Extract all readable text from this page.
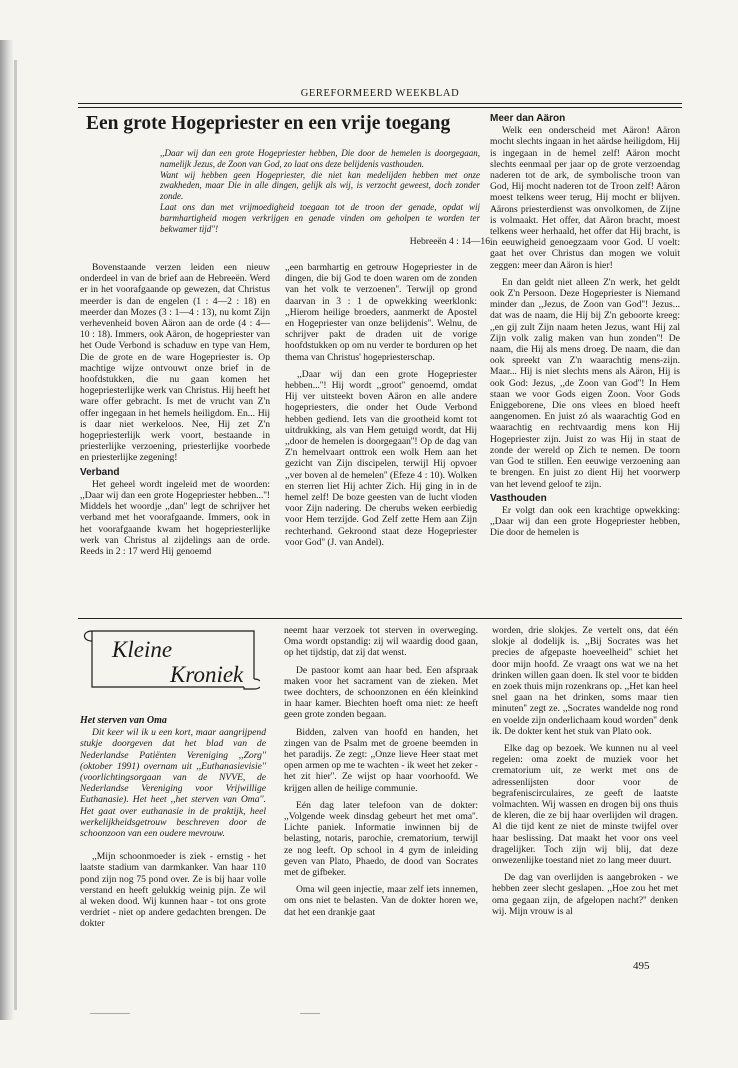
GEREFORMEERD WEEKBLAD
Een grote Hogepriester en een vrije toegang

,,Daar wij dan een grote Hogepriester hebben, Die door de hemelen is doorgegaan, namelijk Jezus, de Zoon van God, zo laat ons deze belijdenis vasthouden.

Want wij hebben geen Hogepriester, die niet kan medelijden hebben met onze zwakheden, maar Die in alle dingen, gelijk als wij, is verzocht geweest, doch zonder zonde.

Laat ons dan met vrijmoedigheid toegaan tot de troon der genade, opdat wij barmhartigheid mogen verkrijgen en genade vinden om geholpen te worden ter bekwamer tijd''!

Hebreeën 4 : 14—16

Bovenstaande verzen leiden een nieuw onderdeel in van de brief aan de Hebreeën. Werd er in het voorafgaande op gewezen, dat Christus meerder is dan de engelen (1 : 4—2 : 18) en meerder dan Mozes (3 : 1—4 : 13), nu komt Zijn verhevenheid boven Aäron aan de orde (4 : 4—10 : 18). Immers, ook Aäron, de hogepriester van het Oude Verbond is schaduw en type van Hem, Die de grote en de ware Hogepriester is. Op machtige wijze ontvouwt onze brief in de hoofdstukken, die nu gaan komen het hogepriesterlijke werk van Christus. Hij heeft het ware offer gebracht. Is met de vrucht van Z'n offer ingegaan in het hemels heiligdom. En... Hij is daar niet werkeloos. Nee, Hij zet Z'n hogepriesterlijk werk voort, bestaande in priesterlijke verzoening, priesterlijke voorbede en priesterlijke zegening!

Verband

Het geheel wordt ingeleid met de woorden: ,,Daar wij dan een grote Hogepriester hebben...''! Middels het woordje ,,dan'' legt de schrijver het verband met het voorafgaande. Immers, ook in het voorafgaande kwam het hogepriesterlijke werk van Christus al zijdelings aan de orde. Reeds in 2 : 17 werd Hij genoemd

,,een barmhartig en getrouw Hogepriester in de dingen, die bij God te doen waren om de zonden van het volk te verzoenen''. Terwijl op grond daarvan in 3 : 1 de opwekking weerklonk: ,,Hierom heilige broeders, aanmerkt de Apostel en Hogepriester van onze belijdenis''. Welnu, de schrijver pakt de draden uit de vorige hoofdstukken op om nu verder te borduren op het thema van Christus' hogepriesterschap.

,,Daar wij dan een grote Hogepriester hebben...''! Hij wordt ,,groot'' genoemd, omdat Hij ver uitsteekt boven Aäron en alle andere hogepriesters, die onder het Oude Verbond hebben gediend. Iets van die grootheid komt tot uitdrukking, als van Hem getuigd wordt, dat Hij ,,door de hemelen is doorgegaan''! Op de dag van Z'n hemelvaart onttrok een wolk Hem aan het gezicht van Zijn discipelen, terwijl Hij opvoer ,,ver boven al de hemelen'' (Efeze 4 : 10). Wolken en sterren liet Hij achter Zich. Hij ging in in de hemel zelf! De boze geesten van de lucht vloden voor Zijn nadering. De cherubs weken eerbiedig voor Hem terzijde. God Zelf zette Hem aan Zijn rechterhand. Gekroond staat deze Hogepriester voor God'' (J. van Andel).

Meer dan Aäron

Welk een onderscheid met Aäron! Aäron mocht slechts ingaan in het aärdse heiligdom, Hij is ingegaan in de hemel zelf! Aäron mocht slechts eenmaal per jaar op de grote verzoendag naderen tot de ark, de symbolische troon van God, Hij mocht naderen tot de Troon zelf! Aäron moest telkens weer terug, Hij mocht er blijven. Aärons priesterdienst was onvolkomen, de Zijne is volmaakt. Het offer, dat Aäron bracht, moest telkens weer herhaald, het offer dat Hij bracht, is in eeuwigheid genoegzaam voor God. U voelt: gaat het over Christus dan mogen we voluit zeggen: meer dan Aäron is hier!

En dan geldt niet alleen Z'n werk, het geldt ook Z'n Persoon. Deze Hogepriester is Niemand minder dan ,,Jezus, de Zoon van God''! Jezus... dat was de naam, die Hij bij Z'n geboorte kreeg: ,,en gij zult Zijn naam heten Jezus, want Hij zal Zijn volk zalig maken van hun zonden''! De naam, die Hij als mens droeg. De naam, die dan ook spreekt van Z'n waarachtig mens-zijn. Maar... Hij is niet slechts mens als Aäron, Hij is ook God: Jezus, ,,de Zoon van God''! In Hem staan we voor Gods eigen Zoon. Voor Gods Eniggeborene, Die ons vlees en bloed heeft aangenomen. En juist zó als waarachtig God en waarachtig en rechtvaardig mens kon Hij Hogepriester zijn. Juist zo was Hij in staat de zonde der wereld op Zich te nemen. De toorn van God te stillen. Een eeuwige verzoening aan te brengen. En juist zo dient Hij het voorwerp van het levend geloof te zijn.

Vasthouden

Er volgt dan ook een krachtige opwekking: ,,Daar wij dan een grote Hogepriester hebben, Die door de hemelen is

Kleine
Kroniek
Het sterven van Oma

Dit keer wil ik u een kort, maar aangrijpend stukje doorgeven dat het blad van de Nederlandse Patiënten Vereniging ,,Zorg'' (oktober 1991) overnam uit ,,Euthanasievisie'' (voorlichtingsorgaan van de NVVE, de Nederlandse Vereniging voor Vrijwillige Euthanasie). Het heet ,,het sterven van Oma''. Het gaat over euthanasie in de praktijk, heel werkelijkheidsgetrouw beschreven door de schoonzoon van een oudere mevrouw.

,,Mijn schoonmoeder is ziek - ernstig - het laatste stadium van darmkanker. Van haar 110 pond zijn nog 75 pond over. Ze is bij haar volle verstand en heeft gelukkig weinig pijn. Ze wil al weken dood. Wij kunnen haar - tot ons grote verdriet - niet op andere gedachten brengen. De dokter

neemt haar verzoek tot sterven in overweging. Oma wordt opstandig: zij wil waardig dood gaan, op het tijdstip, dat zij dat wenst.

De pastoor komt aan haar bed. Een afspraak maken voor het sacrament van de zieken. Met twee dochters, de schoonzonen en één kleinkind in haar kamer. Biechten hoeft oma niet: ze heeft geen grote zonden begaan.

Bidden, zalven van hoofd en handen, het zingen van de Psalm met de groene beemden in het paradijs. Ze zegt: ,,Onze lieve Heer staat met open armen op me te wachten - ik weet het zeker - het zit hier''. Ze wijst op haar voorhoofd. We krijgen allen de heilige communie.

Eén dag later telefoon van de dokter: ,,Volgende week dinsdag gebeurt het met oma''. Lichte paniek. Informatie inwinnen bij de belasting, notaris, parochie, crematorium, terwijl ze nog leeft. Op school in 4 gym de inleiding geven van Plato, Phaedo, de dood van Socrates met de gifbeker.

Oma wil geen injectie, maar zelf iets innemen, om ons niet te belasten. Van de dokter horen we, dat het een drankje gaat

worden, drie slokjes. Ze vertelt ons, dat één slokje al dodelijk is. ,,Bij Socrates was het precies de afgepaste hoeveelheid'' schiet het door mijn hoofd. Ze vraagt ons wat we na het drinken willen gaan doen. Ik stel voor te bidden en zoek thuis mijn rozenkrans op. ,,Het kan heel snel gaan na het drinken, soms maar tien minuten'' zegt ze. ,,Socrates wandelde nog rond en voelde zijn onderlichaam koud worden'' denk ik. De dokter kent het stuk van Plato ook.

Elke dag op bezoek. We kunnen nu al veel regelen: oma zoekt de muziek voor het crematorium uit, ze werkt met ons de adressenlijsten door voor de begrafeniscirculaires, ze geeft de laatste volmachten. Wij wassen en drogen bij ons thuis de kleren, die ze bij haar overlijden wil dragen. Al die tijd kent ze niet de minste twijfel over haar beslissing. Dat maakt het voor ons veel dragelijker. Toch zijn wij blij, dat deze onwezenlijke toestand niet zo lang meer duurt.

De dag van overlijden is aangebroken - we hebben zeer slecht geslapen. ,,Hoe zou het met oma gegaan zijn, de afgelopen nacht?'' denken wij. Mijn vrouw is al

495
